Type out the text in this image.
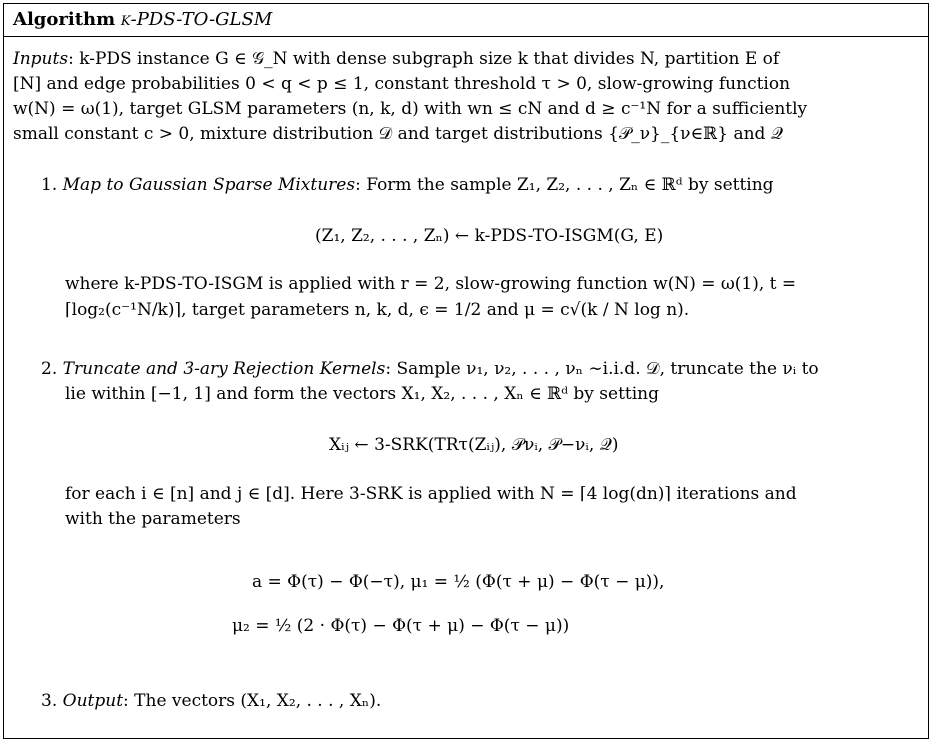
Algorithm k-PDS-TO-GLSM
Inputs: k-PDS instance G ∈ 𝒢_N with dense subgraph size k that divides N, partition E of
[N] and edge probabilities 0 < q < p ≤ 1, constant threshold τ > 0, slow-growing function
w(N) = ω(1), target GLSM parameters (n, k, d) with wn ≤ cN and d ≥ c⁻¹N for a sufficiently
small constant c > 0, mixture distribution 𝒟 and target distributions {𝒫_ν}_{ν∈ℝ} and 𝒬
1. Map to Gaussian Sparse Mixtures: Form the sample Z₁, Z₂, . . . , Zₙ ∈ ℝᵈ by setting
(Z₁, Z₂, . . . , Zₙ) ← k-PDS-TO-ISGM(G, E)
where k-PDS-TO-ISGM is applied with r = 2, slow-growing function w(N) = ω(1), t =
⌈log₂(c⁻¹N/k)⌉, target parameters n, k, d, ϵ = 1/2 and μ = c√(k / N log n).
2. Truncate and 3-ary Rejection Kernels: Sample ν₁, ν₂, . . . , νₙ ∼i.i.d. 𝒟, truncate the νᵢ to
lie within [−1, 1] and form the vectors X₁, X₂, . . . , Xₙ ∈ ℝᵈ by setting
Xᵢⱼ ← 3-SRK(TRτ(Zᵢⱼ), 𝒫νᵢ, 𝒫−νᵢ, 𝒬)
for each i ∈ [n] and j ∈ [d]. Here 3-SRK is applied with N = ⌈4 log(dn)⌉ iterations and
with the parameters
a = Φ(τ) − Φ(−τ), μ₁ = ½ (Φ(τ + μ) − Φ(τ − μ)),
μ₂ = ½ (2 · Φ(τ) − Φ(τ + μ) − Φ(τ − μ))
3. Output: The vectors (X₁, X₂, . . . , Xₙ).
